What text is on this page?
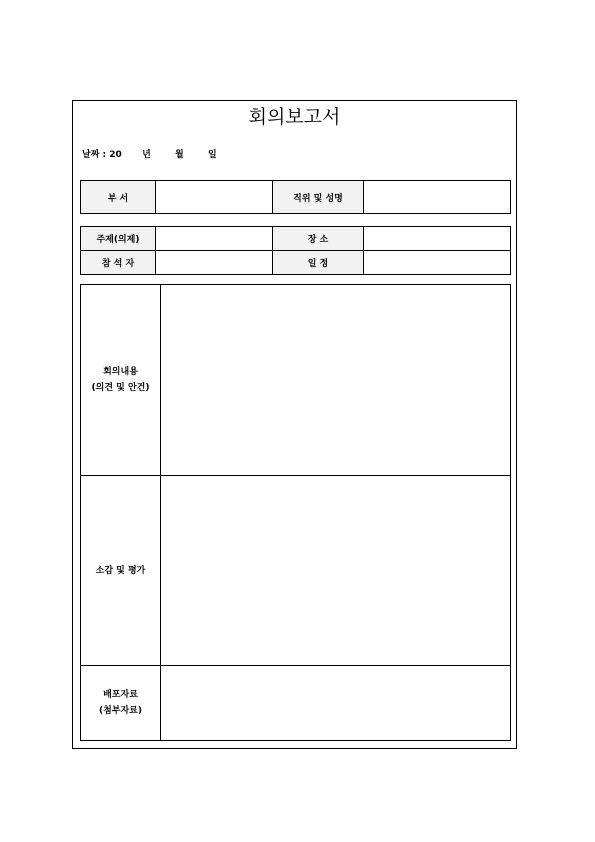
회의보고서
날짜 : 20 년	월	일
부 서		직위 및 성명	
주제(의제)		장 소	
참 석 자		일 정	
회의내용
(의견 및 안건)	

소감 및 평가	

배포자료
(첨부자료)	
